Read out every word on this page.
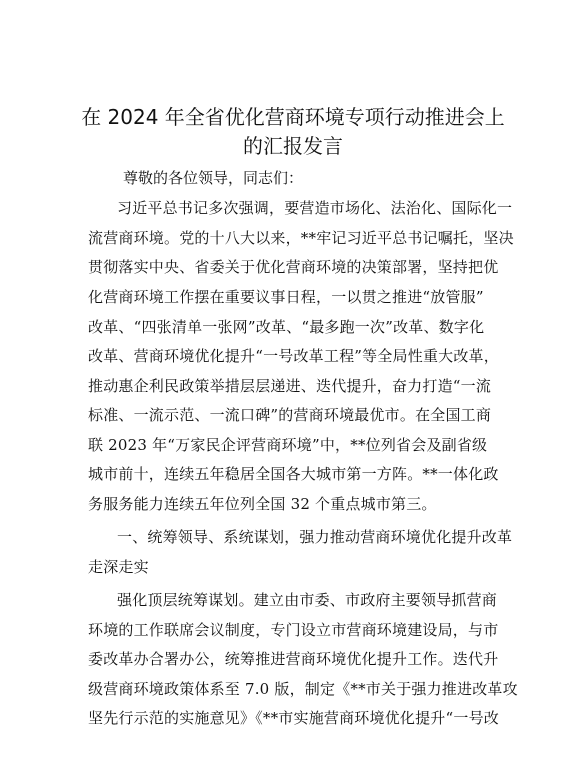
在 2024 年全省优化营商环境专项行动推进会上
的汇报发言
尊敬的各位领导，同志们：
习近平总书记多次强调，要营造市场化、法治化、国际化一
流营商环境。党的十八大以来，**牢记习近平总书记嘱托，坚决
贯彻落实中央、省委关于优化营商环境的决策部署，坚持把优
化营商环境工作摆在重要议事日程，一以贯之推进“放管服”
改革、“四张清单一张网”改革、“最多跑一次”改革、数字化
改革、营商环境优化提升“一号改革工程”等全局性重大改革，
推动惠企利民政策举措层层递进、迭代提升，奋力打造“一流
标准、一流示范、一流口碑”的营商环境最优市。在全国工商
联 2023 年“万家民企评营商环境”中，**位列省会及副省级
城市前十，连续五年稳居全国各大城市第一方阵。**一体化政
务服务能力连续五年位列全国 32 个重点城市第三。
一、统筹领导、系统谋划，强力推动营商环境优化提升改革
走深走实
强化顶层统筹谋划。建立由市委、市政府主要领导抓营商
环境的工作联席会议制度，专门设立市营商环境建设局，与市
委改革办合署办公，统筹推进营商环境优化提升工作。迭代升
级营商环境政策体系至 7.0 版，制定《**市关于强力推进改革攻
坚先行示范的实施意见》《**市实施营商环境优化提升“一号改
